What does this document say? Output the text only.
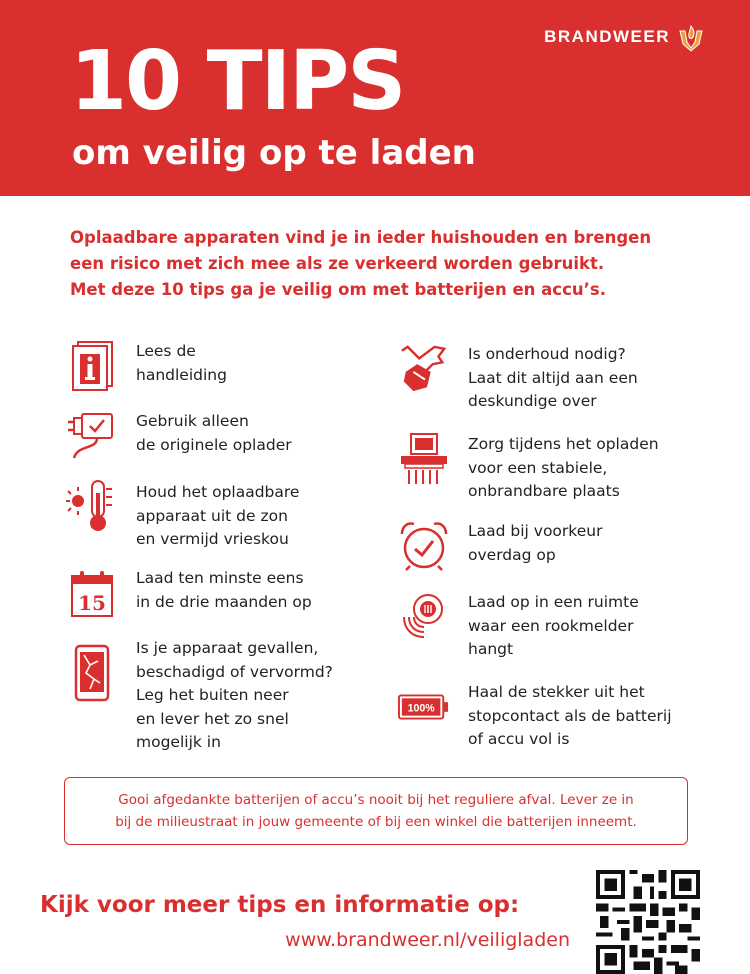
BRANDWEER
10 TIPS
om veilig op te laden
Oplaadbare apparaten vind je in ieder huishouden en brengen
een risico met zich mee als ze verkeerd worden gebruikt.
Met deze 10 tips ga je veilig om met batterijen en accu’s.
Lees de
handleiding
Gebruik alleen
de originele oplader
Houd het oplaadbare
apparaat uit de zon
en vermijd vrieskou
15
Laad ten minste eens
in de drie maanden op
Is je apparaat gevallen,
beschadigd of vervormd?
Leg het buiten neer
en lever het zo snel
mogelijk in
Is onderhoud nodig?
Laat dit altijd aan een
deskundige over
Zorg tijdens het opladen
voor een stabiele,
onbrandbare plaats
Laad bij voorkeur
overdag op
Laad op in een ruimte
waar een rookmelder
hangt
100%
Haal de stekker uit het
stopcontact als de batterij
of accu vol is
Gooi afgedankte batterijen of accu’s nooit bij het reguliere afval. Lever ze in
bij de milieustraat in jouw gemeente of bij een winkel die batterijen inneemt.
Kijk voor meer tips en informatie op:
www.brandweer.nl/veiligladen
